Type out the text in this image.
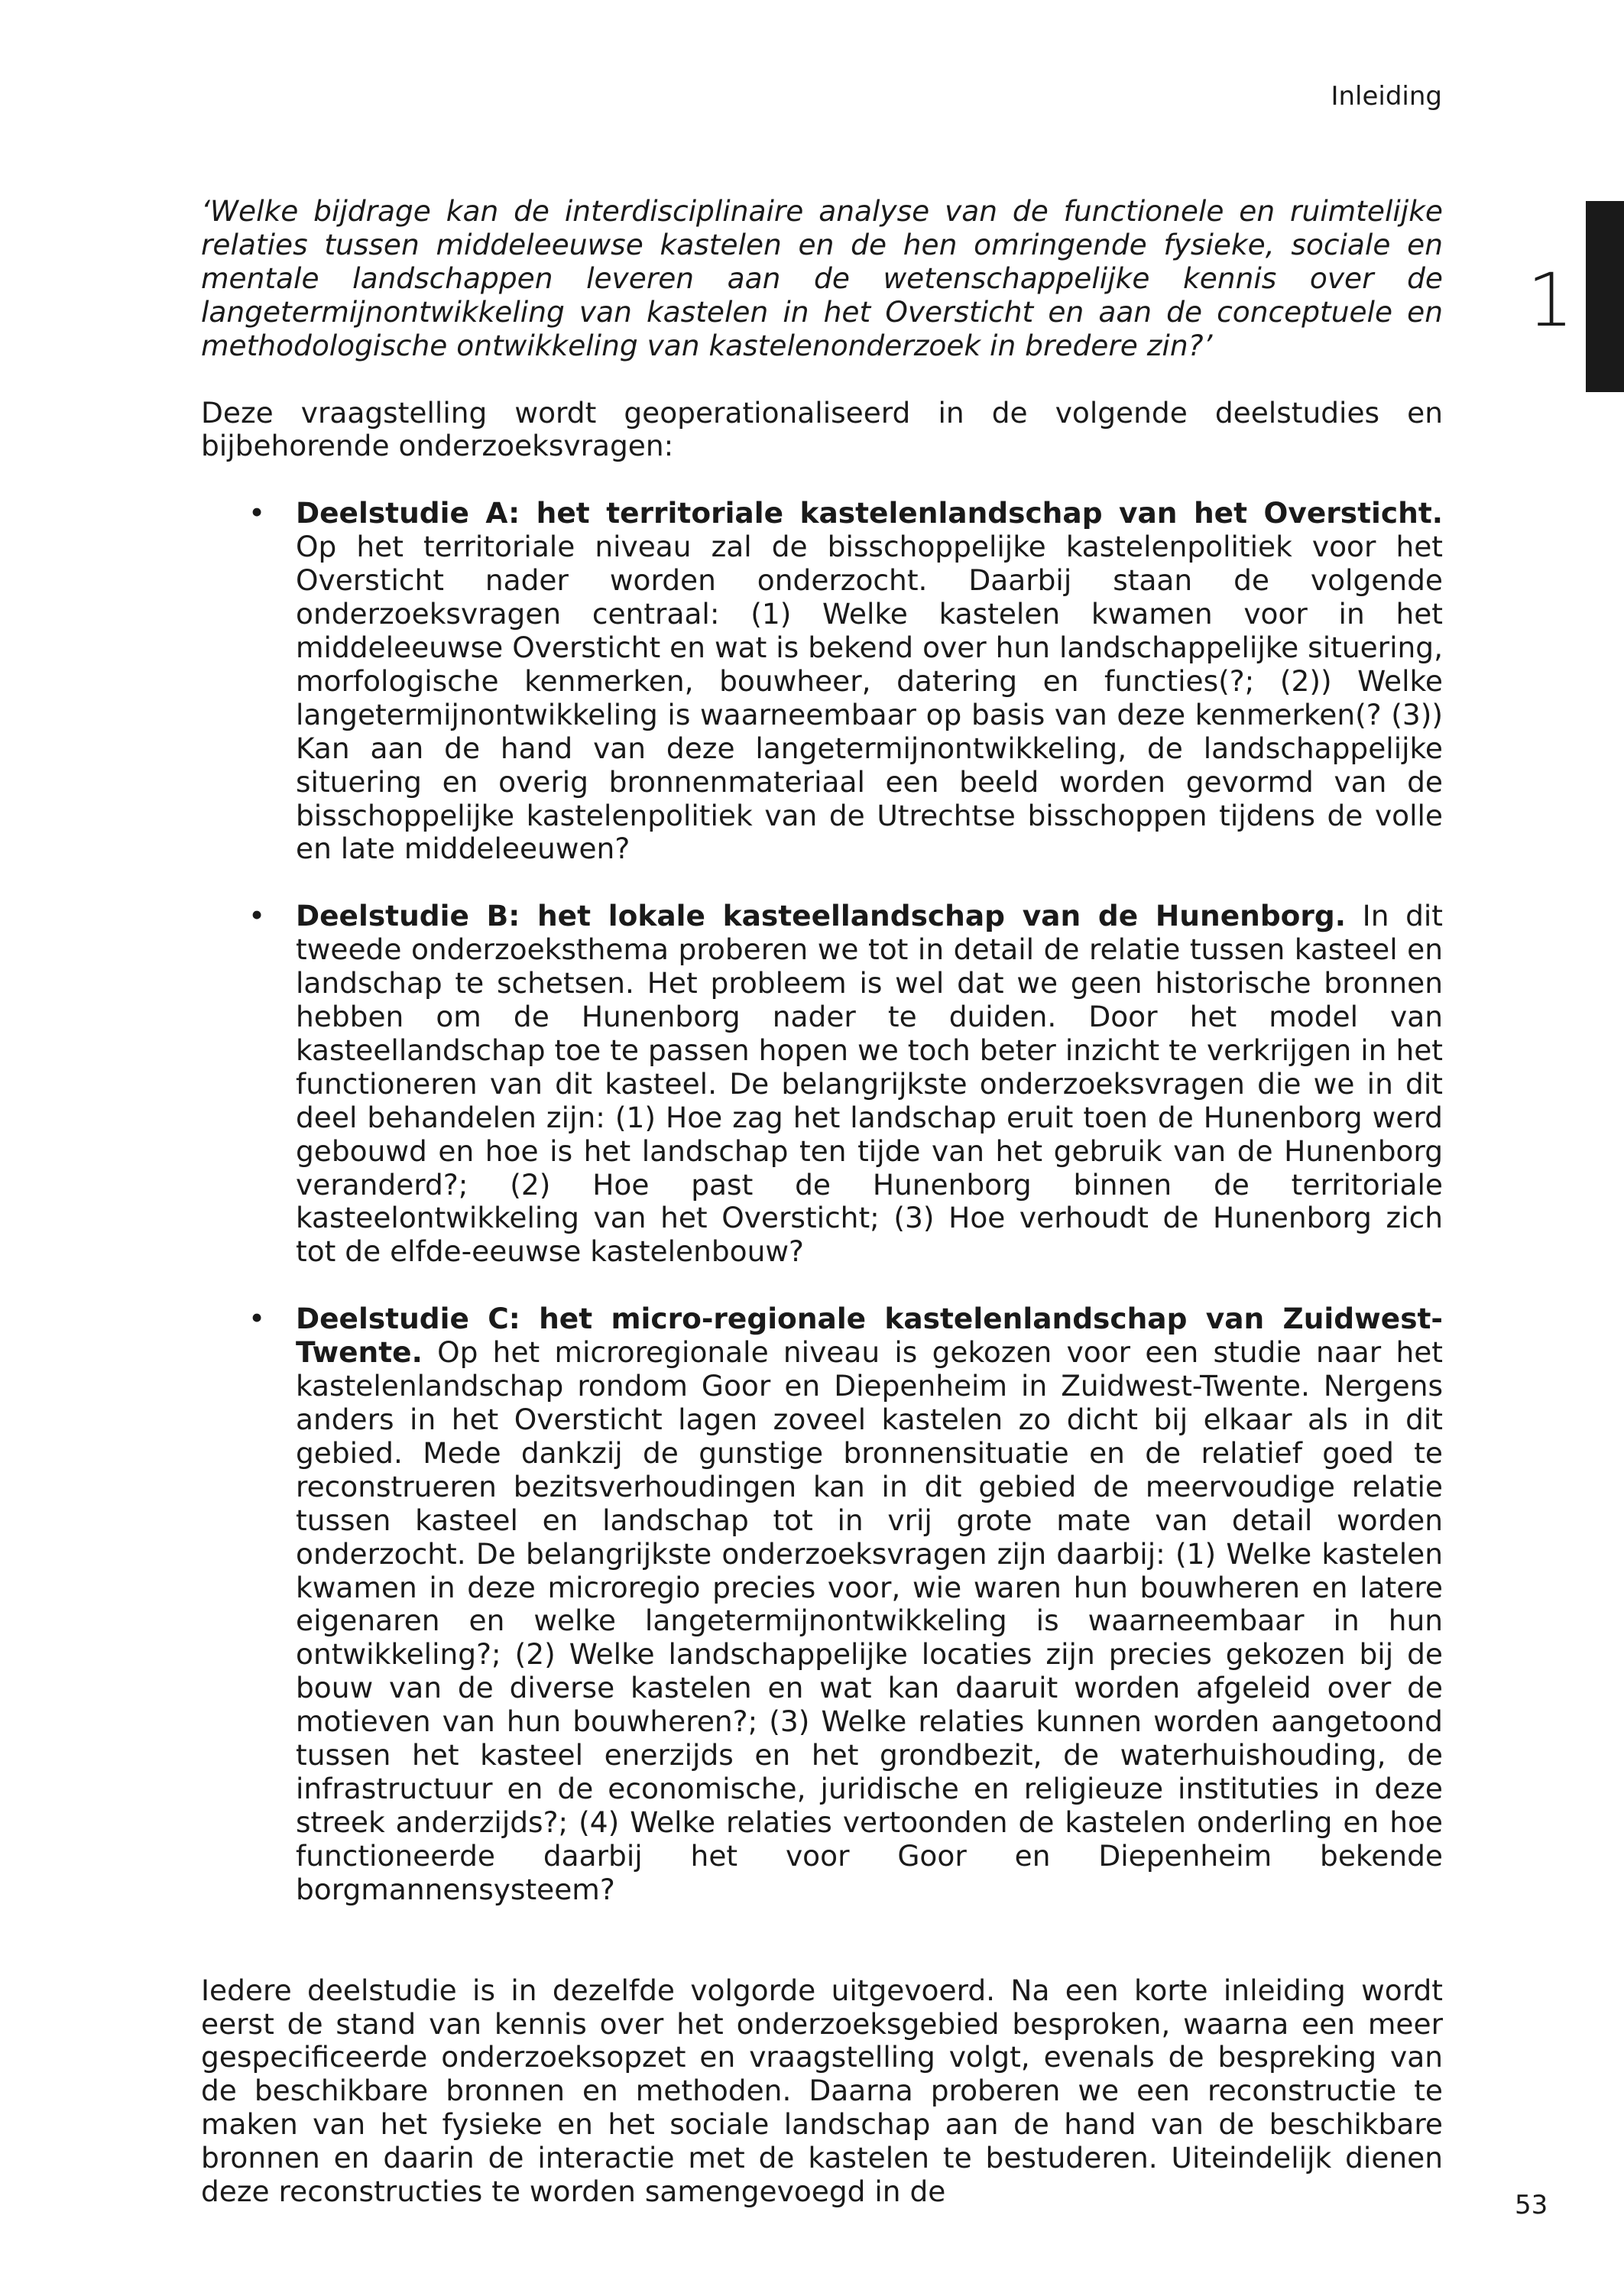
Inleiding
1

‘Welke bijdrage kan de interdisciplinaire analyse van de functionele en ruimtelijke relaties tussen middeleeuwse kastelen en de hen omringende fysieke, sociale en mentale landschappen leveren aan de wetenschappelijke kennis over de langetermijnontwikkeling van kastelen in het Oversticht en aan de conceptuele en methodologische ontwikkeling van kastelenonderzoek in bredere zin?’

Deze vraagstelling wordt geoperationaliseerd in de volgende deelstudies en bijbehorende onderzoeksvragen:

• Deelstudie A: het territoriale kastelenlandschap van het Oversticht. Op het territoriale niveau zal de bisschoppelijke kastelenpolitiek voor het Oversticht nader worden onderzocht. Daarbij staan de volgende onderzoeksvragen centraal: (1) Welke kastelen kwamen voor in het middeleeuwse Oversticht en wat is bekend over hun landschappelijke situering, morfologische kenmerken, bouwheer, datering en functies(?; (2)) Welke langetermijnontwikkeling is waarneembaar op basis van deze kenmerken(? (3)) Kan aan de hand van deze langetermijnontwikkeling, de landschappelijke situering en overig bronnenmateriaal een beeld worden gevormd van de bisschoppelijke kastelenpolitiek van de Utrechtse bisschoppen tijdens de volle en late middeleeuwen?
• Deelstudie B: het lokale kasteellandschap van de Hunenborg. In dit tweede onderzoeksthema proberen we tot in detail de relatie tussen kasteel en landschap te schetsen. Het probleem is wel dat we geen historische bronnen hebben om de Hunenborg nader te duiden. Door het model van kasteellandschap toe te passen hopen we toch beter inzicht te verkrijgen in het functioneren van dit kasteel. De belangrijkste onderzoeksvragen die we in dit deel behandelen zijn: (1) Hoe zag het landschap eruit toen de Hunenborg werd gebouwd en hoe is het landschap ten tijde van het gebruik van de Hunenborg veranderd?; (2) Hoe past de Hunenborg binnen de territoriale kasteelontwikkeling van het Oversticht; (3) Hoe verhoudt de Hunenborg zich tot de elfde-eeuwse kastelenbouw?
• Deelstudie C: het micro-regionale kastelenlandschap van Zuidwest-Twente. Op het microregionale niveau is gekozen voor een studie naar het kastelenlandschap rondom Goor en Diepenheim in Zuidwest-Twente. Nergens anders in het Oversticht lagen zoveel kastelen zo dicht bij elkaar als in dit gebied. Mede dankzij de gunstige bronnensituatie en de relatief goed te reconstrueren bezitsverhoudingen kan in dit gebied de meervoudige relatie tussen kasteel en landschap tot in vrij grote mate van detail worden onderzocht. De belangrijkste onderzoeksvragen zijn daarbij: (1) Welke kastelen kwamen in deze microregio precies voor, wie waren hun bouwheren en latere eigenaren en welke langetermijnontwikkeling is waarneembaar in hun ontwikkeling?; (2) Welke landschappelijke locaties zijn precies gekozen bij de bouw van de diverse kastelen en wat kan daaruit worden afgeleid over de motieven van hun bouwheren?; (3) Welke relaties kunnen worden aangetoond tussen het kasteel enerzijds en het grondbezit, de waterhuishouding, de infrastructuur en de economische, juridische en religieuze instituties in deze streek anderzijds?; (4) Welke relaties vertoonden de kastelen onderling en hoe functioneerde daarbij het voor Goor en Diepenheim bekende borgmannensysteem?

Iedere deelstudie is in dezelfde volgorde uitgevoerd. Na een korte inleiding wordt eerst de stand van kennis over het onderzoeksgebied besproken, waarna een meer gespecificeerde onderzoeksopzet en vraagstelling volgt, evenals de bespreking van de beschikbare bronnen en methoden. Daarna proberen we een reconstructie te maken van het fysieke en het sociale landschap aan de hand van de beschikbare bronnen en daarin de interactie met de kastelen te bestuderen. Uiteindelijk dienen deze reconstructies te worden samengevoegd in de	53
